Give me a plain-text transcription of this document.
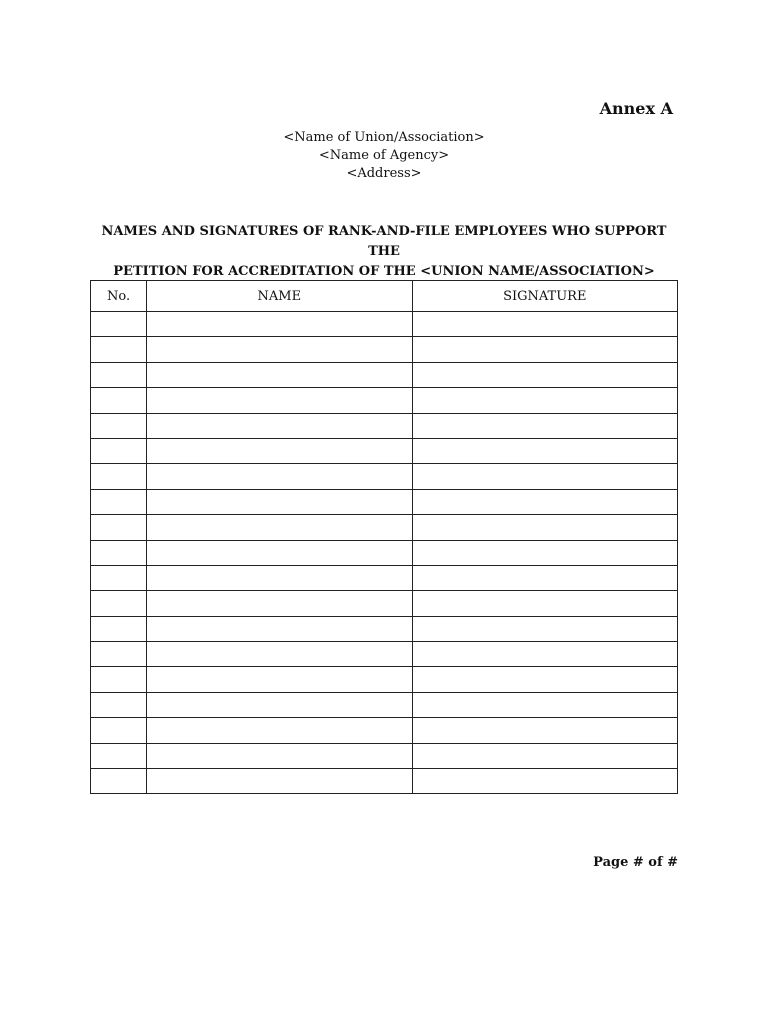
Annex A
<Name of Union/Association>
<Name of Agency>
<Address>
NAMES AND SIGNATURES OF RANK-AND-FILE EMPLOYEES WHO SUPPORT THE
PETITION FOR ACCREDITATION OF THE <UNION NAME/ASSOCIATION>
No.	NAME	SIGNATURE

Page # of #
